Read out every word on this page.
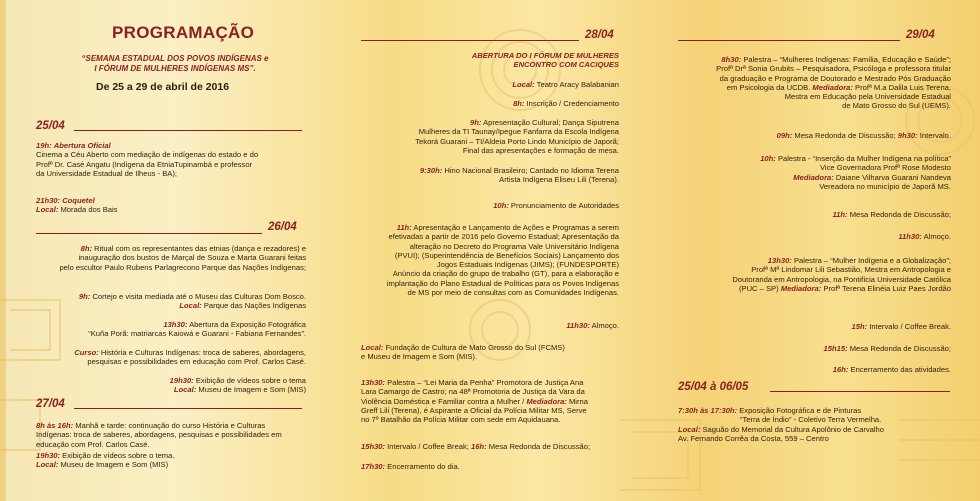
PROGRAMAÇÃO
“SEMANA ESTADUAL DOS POVOS INDÍGENAS e
I FÓRUM DE MULHERES INDÍGENAS MS”.
De 25 a 29 de abril de 2016
25/04
19h: Abertura Oficial
Cinema a Céu Aberto com mediação de indígenas do estado e do
Profº Dr. Casé Angatu (Indígena da EtniaTupinambá e professor
da Universidade Estadual de Ilheus - BA);
21h30: Coquetel
Local: Morada dos Bais
26/04
8h: Ritual com os representantes das etnias (dança e rezadores) e
inauguração dos bustos de Marçal de Souza e Marta Guarani feitas
pelo escultor Paulo Rubens Parlagrecono Parque das Nações Indígenas;
9h: Cortejo e visita mediada até o Museu das Culturas Dom Bosco.
Local: Parque das Nações Indígenas
13h30: Abertura da Exposição Fotográfica
“Kuña Porã: matriarcas Kaiowá e Guarani - Fabiana Fernandes”.
Curso: História e Culturas Indígenas: troca de saberes, abordagens,
pesquisas e possibilidades em educação com Prof. Carlos Casé.
19h30: Exibição de vídeos sobre o tema
Local: Museu de Imagem e Som (MIS)
27/04
8h às 16h: Manhã e tarde: continuação do curso História e Culturas
Indígenas: troca de saberes, abordagens, pesquisas e possibilidades em
educação com Prof. Carlos Casé.
19h30: Exibição de vídeos sobre o tema.
Local: Museu de Imagem e Som (MIS)
28/04
ABERTURA DO I FÓRUM DE MULHERES
ENCONTRO COM CACIQUES
Local: Teatro Aracy Balabanian
8h: Inscrição / Credenciamento
9h: Apresentação Cultural; Dança Siputrena
Mulheres da TI Taunay/Ipegue Fanfarra da Escola Indígena
Tekorá Guarani – TI/Aldeia Porto Lindo Município de Japorã;
Final das apresentações e formação de mesa.
9:30h: Hino Nacional Brasileiro; Cantado no Idioma Terena
Artista Indígena Eliseu Lili (Terena).
10h: Pronunciamento de Autoridades
11h: Apresentação e Lançamento de Ações e Programas a serem
efetivadas a partir de 2016 pelo Governo Estadual; Apresentação da
alteração no Decreto do Programa Vale Universitário Indígena
(PVUI); (Superintendência de Benefícios Sociais) Lançamento dos
Jogos Estaduais Indígenas (JIMS); (FUNDESPORTE)
Anúncio da criação do grupo de trabalho (GT), para a elaboração e
implantação do Plano Estadual de Políticas para os Povos Indígenas
de MS por meio de consultas com as Comunidades Indígenas.
11h30: Almoço.
Local: Fundação de Cultura de Mato Grosso do Sul (FCMS)
e Museu de Imagem e Som (MIS).
13h30: Palestra – “Lei Maria da Penha” Promotora de Justiça Ana
Lara Camargo de Castro; na 48ª Promotoria de Justiça da Vara da
Violência Doméstica e Familiar contra a Mulher / Mediadora: Mirna
Greff Lili (Terena), é Aspirante a Oficial da Polícia Militar MS, Serve
no 7º Batalhão da Polícia Militar com sede em Aquidauana.
15h30: Intervalo / Coffee Break; 16h: Mesa Redonda de Discussão;
17h30: Encerramento do dia.
29/04
8h30: Palestra – “Mulheres Indígenas: Família, Educação e Saúde”;
Profª Drª Sonia Grubits – Pesquisadora, Psicóloga e professora titular
da graduação e Programa de Doutorado e Mestrado Pós Graduação
em Psicologia da UCDB. Mediadora: Profª M.a Dalila Luis Terena,
Mestra em Educação pela Universidade Estadual
de Mato Grosso do Sul (UEMS).
09h: Mesa Redonda de Discussão; 9h30: Intervalo.
10h: Palestra - “Inserção da Mulher Indígena na política”
Vice Governadora Profª Rose Modesto
Mediadora: Daiane Vilharva Guarani Nandeva
Vereadora no município de Japorã MS.
11h: Mesa Redonda de Discussão;
11h30: Almoço.
13h30: Palestra – “Mulher Indígena e a Globalização”;
Profª Mª Lindomar Lili Sebastião, Mestra em Antropologia e
Doutoranda em Antropologia, na Pontifícia Universidade Católica
(PUC – SP) Mediadora: Profª Terena Elinéia Luiz Paes Jordão
15h: Intervalo / Coffee Break.
15h15: Mesa Redonda de Discussão;
16h: Encerramento das atividades.
25/04 à 06/05
7:30h às 17:30h: Exposição Fotográfica e de Pinturas
“Terra de Índio” - Coletivo Terra Vermelha.
Local: Saguão do Memorial da Cultura Apolônio de Carvalho
Av. Fernando Corrêa da Costa, 559 – Centro
